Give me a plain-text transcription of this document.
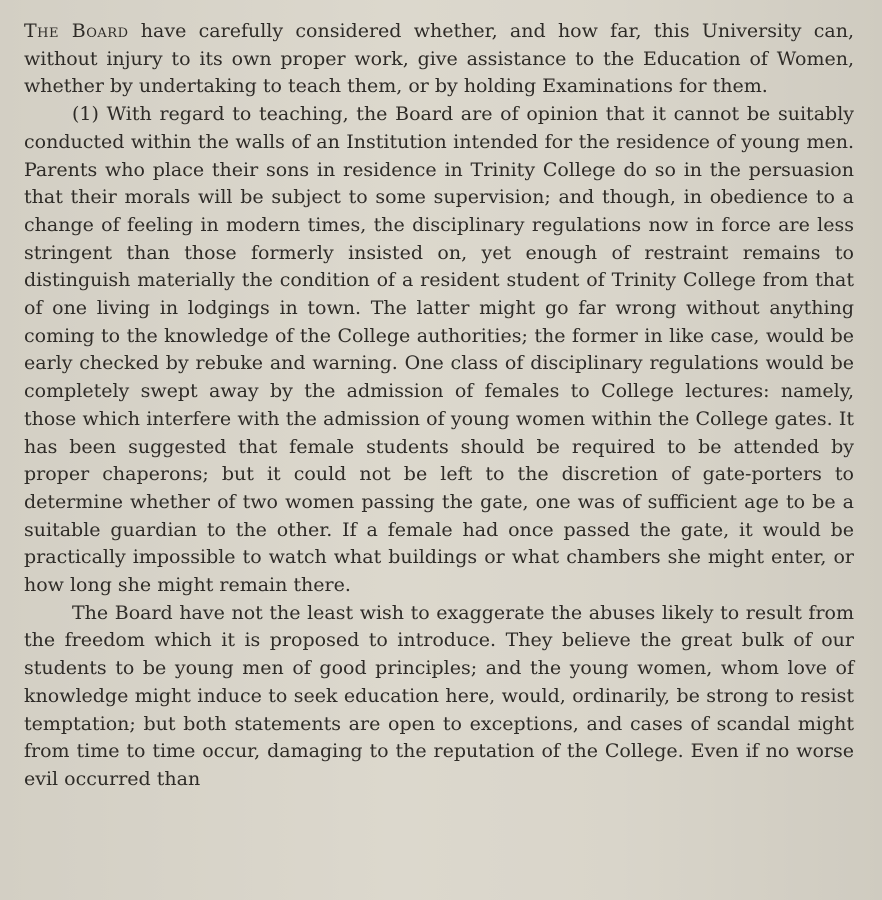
The Board have carefully considered whether, and how far, this University can, without injury to its own proper work, give assistance to the Education of Women, whether by undertaking to teach them, or by holding Examinations for them.

(1) With regard to teaching, the Board are of opinion that it cannot be suitably conducted within the walls of an Institution intended for the residence of young men. Parents who place their sons in residence in Trinity College do so in the persuasion that their morals will be subject to some supervision; and though, in obedience to a change of feeling in modern times, the disciplinary regulations now in force are less stringent than those formerly insisted on, yet enough of restraint remains to distinguish materially the condition of a resident student of Trinity College from that of one living in lodgings in town. The latter might go far wrong without anything coming to the knowledge of the College authorities; the former in like case, would be early checked by rebuke and warning. One class of disciplinary regulations would be completely swept away by the admission of females to College lectures: namely, those which interfere with the admission of young women within the College gates. It has been suggested that female students should be required to be attended by proper chaperons; but it could not be left to the discretion of gate-porters to determine whether of two women passing the gate, one was of sufficient age to be a suitable guardian to the other. If a female had once passed the gate, it would be practically impossible to watch what buildings or what chambers she might enter, or how long she might remain there.

The Board have not the least wish to exaggerate the abuses likely to result from the freedom which it is proposed to introduce. They believe the great bulk of our students to be young men of good principles; and the young women, whom love of knowledge might induce to seek education here, would, ordinarily, be strong to resist temptation; but both statements are open to exceptions, and cases of scandal might from time to time occur, damaging to the reputation of the College. Even if no worse evil occurred than
